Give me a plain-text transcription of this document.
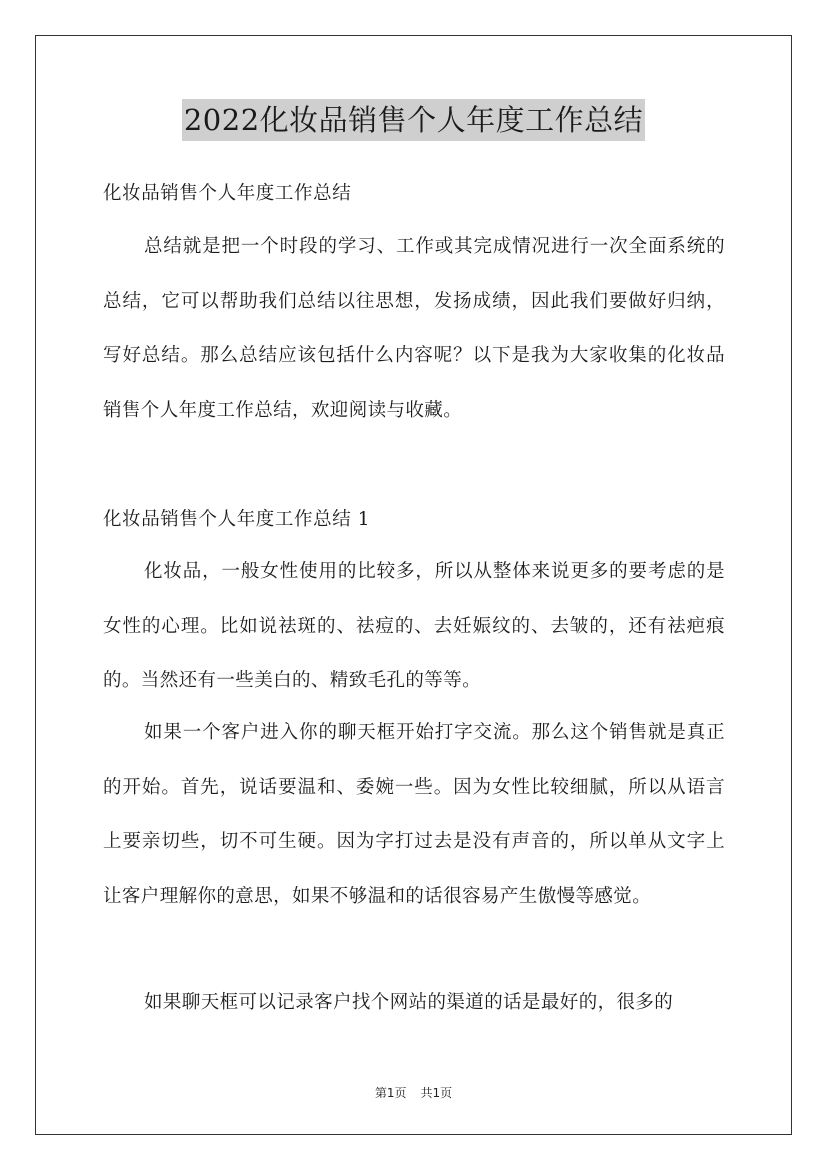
2022化妆品销售个人年度工作总结
化妆品销售个人年度工作总结
总结就是把一个时段的学习、工作或其完成情况进行一次全面系统的总结，它可以帮助我们总结以往思想，发扬成绩，因此我们要做好归纳，写好总结。那么总结应该包括什么内容呢？以下是我为大家收集的化妆品销售个人年度工作总结，欢迎阅读与收藏。
化妆品销售个人年度工作总结 1
化妆品，一般女性使用的比较多，所以从整体来说更多的要考虑的是女性的心理。比如说祛斑的、祛痘的、去妊娠纹的、去皱的，还有祛疤痕的。当然还有一些美白的、精致毛孔的等等。
如果一个客户进入你的聊天框开始打字交流。那么这个销售就是真正的开始。首先，说话要温和、委婉一些。因为女性比较细腻，所以从语言上要亲切些，切不可生硬。因为字打过去是没有声音的，所以单从文字上让客户理解你的意思，如果不够温和的话很容易产生傲慢等感觉。
如果聊天框可以记录客户找个网站的渠道的话是最好的，很多的
第1页 共1页
